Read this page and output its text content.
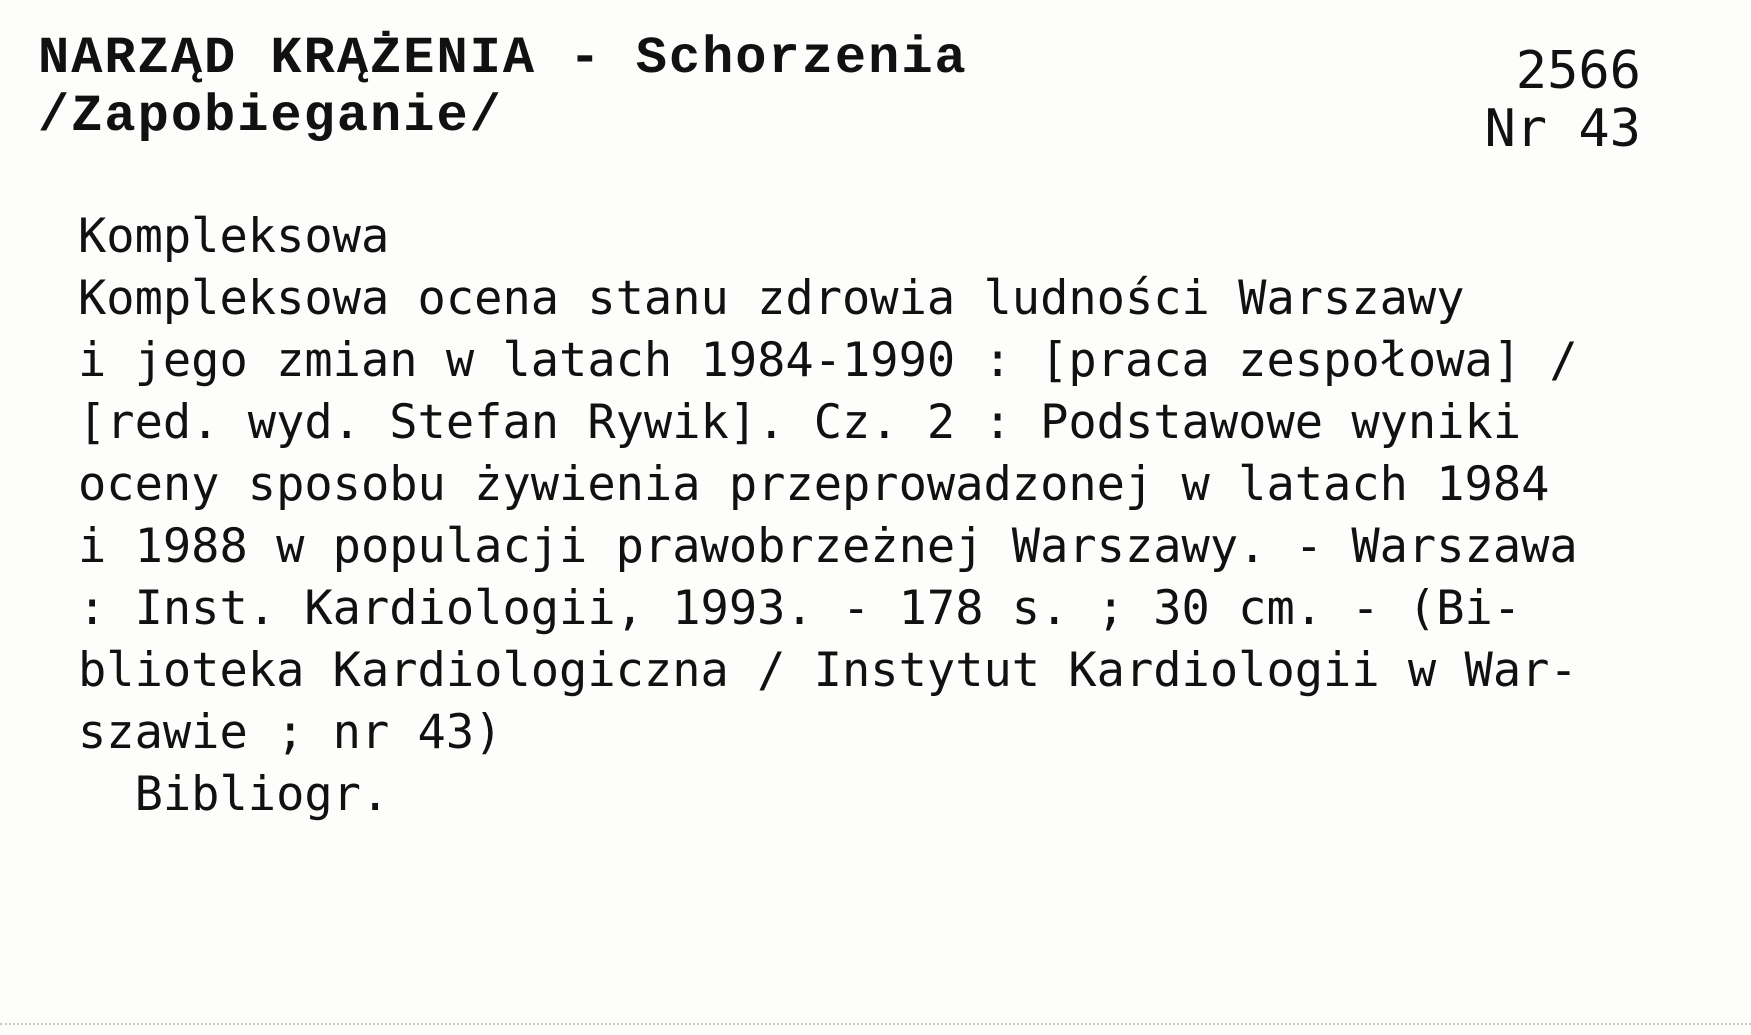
NARZĄD KRĄŻENIA - Schorzenia
/Zapobieganie/
2566
Nr 43
Kompleksowa
Kompleksowa ocena stanu zdrowia ludności Warszawy
i jego zmian w latach 1984-1990 : [praca zespołowa] /
[red. wyd. Stefan Rywik]. Cz. 2 : Podstawowe wyniki
oceny sposobu żywienia przeprowadzonej w latach 1984
i 1988 w populacji prawobrzeżnej Warszawy. - Warszawa
: Inst. Kardiologii, 1993. - 178 s. ; 30 cm. - (Bi-
blioteka Kardiologiczna / Instytut Kardiologii w War-
szawie ; nr 43)
Bibliogr.
